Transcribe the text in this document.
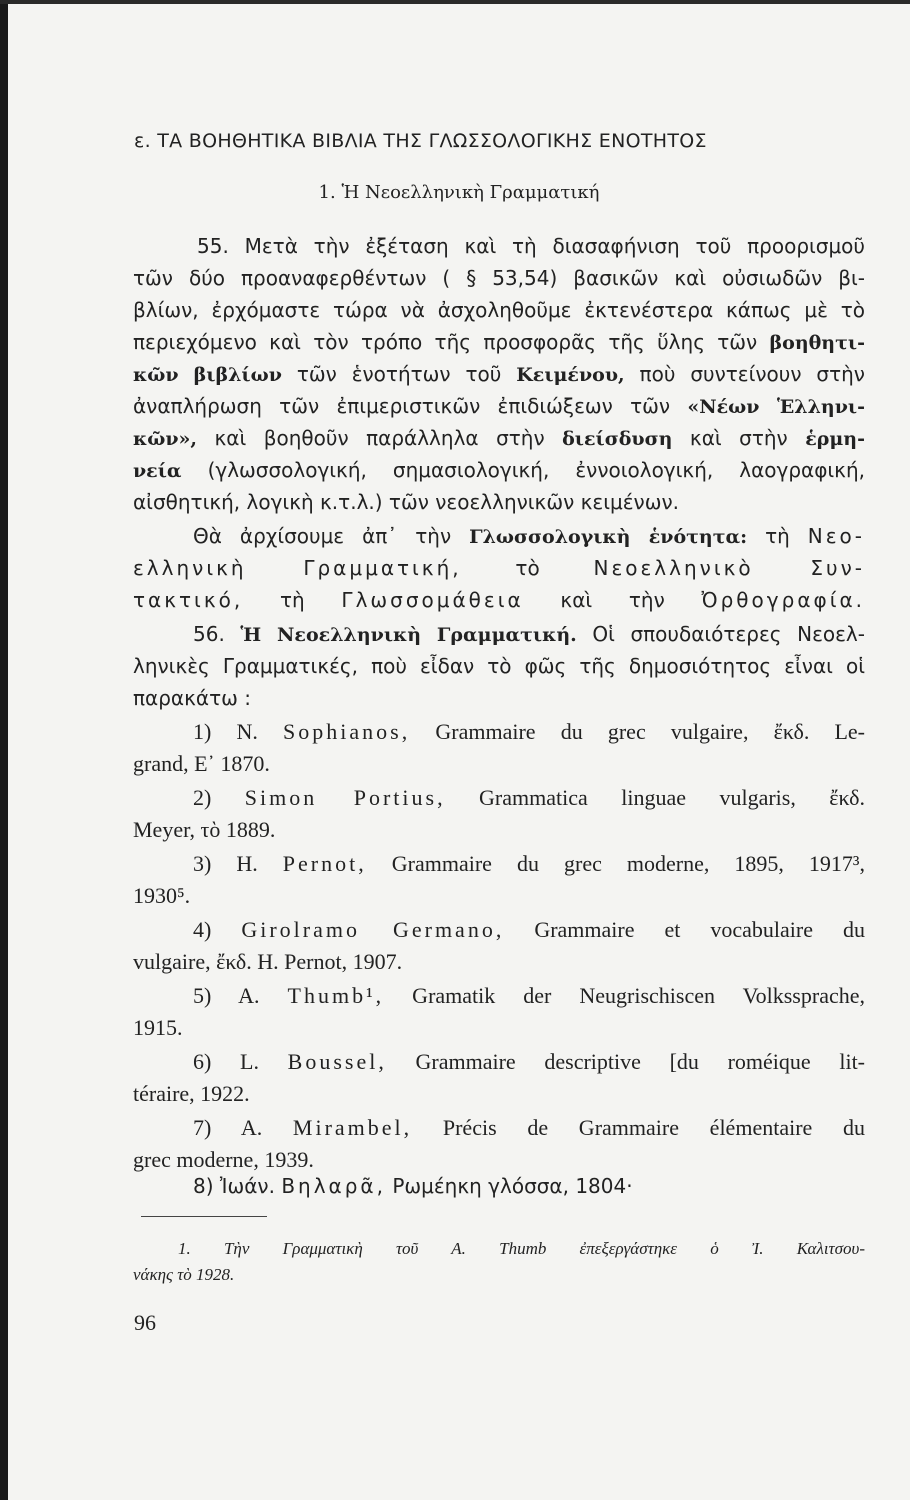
ε. ΤΑ ΒΟΗΘΗΤΙΚΑ ΒΙΒΛΙΑ ΤΗΣ ΓΛΩΣΣΟΛΟΓΙΚΗΣ ΕΝΟΤΗΤΟΣ
1. Ἡ Νεοελληνικὴ Γραμματική
55. Μετὰ τὴν ἐξέταση καὶ τὴ διασαφήνιση τοῦ προορισμοῦ
τῶν δύο προαναφερθέντων ( § 53,54) βασικῶν καὶ οὐσιωδῶν βι-
βλίων, ἐρχόμαστε τώρα νὰ ἀσχοληθοῦμε ἐκτενέστερα κάπως μὲ τὸ
περιεχόμενο καὶ τὸν τρόπο τῆς προσφορᾶς τῆς ὕλης τῶν βοηθητι-
κῶν βιβλίων τῶν ἑνοτήτων τοῦ Κειμένου, ποὺ συντείνουν στὴν
ἀναπλήρωση τῶν ἐπιμεριστικῶν ἐπιδιώξεων τῶν «Νέων Ἑλληνι-
κῶν», καὶ βοηθοῦν παράλληλα στὴν διείσδυση καὶ στὴν ἑρμη-
νεία (γλωσσολογική, σημασιολογική, ἐννοιολογική, λαογραφική,
αἰσθητική, λογικὴ κ.τ.λ.) τῶν νεοελληνικῶν κειμένων.
Θὰ ἀρχίσουμε ἀπ᾽ τὴν Γλωσσολογικὴ ἑνότητα: τὴ Νεο-
ελληνικὴ Γραμματική, τὸ Νεοελληνικὸ Συν-
τακτικό, τὴ Γλωσσομάθεια καὶ τὴν Ὀρθογραφία.
56. Ἡ Νεοελληνικὴ Γραμματική. Οἱ σπουδαιότερες Νεοελ-
ληνικὲς Γραμματικές, ποὺ εἶδαν τὸ φῶς τῆς δημοσιότητος εἶναι οἱ
παρακάτω :
1) N. Sophianos, Grammaire du grec vulgaire, ἔκδ. Le-
grand, Ε᾽ 1870.
2) Simon Portius, Grammatica linguae vulgaris, ἔκδ.
Meyer, τὸ 1889.
3) H. Pernot, Grammaire du grec moderne, 1895, 1917³,
1930⁵.
4) Girolramo Germano, Grammaire et vocabulaire du
vulgaire, ἔκδ. H. Pernot, 1907.
5) A. Thumb¹, Gramatik der Neugrischiscen Volkssprache,
1915.
6) L. Boussel, Grammaire descriptive [du roméique lit-
téraire, 1922.
7) A. Mirambel, Précis de Grammaire élémentaire du
grec moderne, 1939.
8) Ἰωάν. Βηλαρᾶ, Ρωμέηκη γλόσσα, 1804·
1. Τὴν Γραμματικὴ τοῦ Α. Thumb ἐπεξεργάστηκε ὁ Ἰ. Καλιτσου-
νάκης τὸ 1928.
96
